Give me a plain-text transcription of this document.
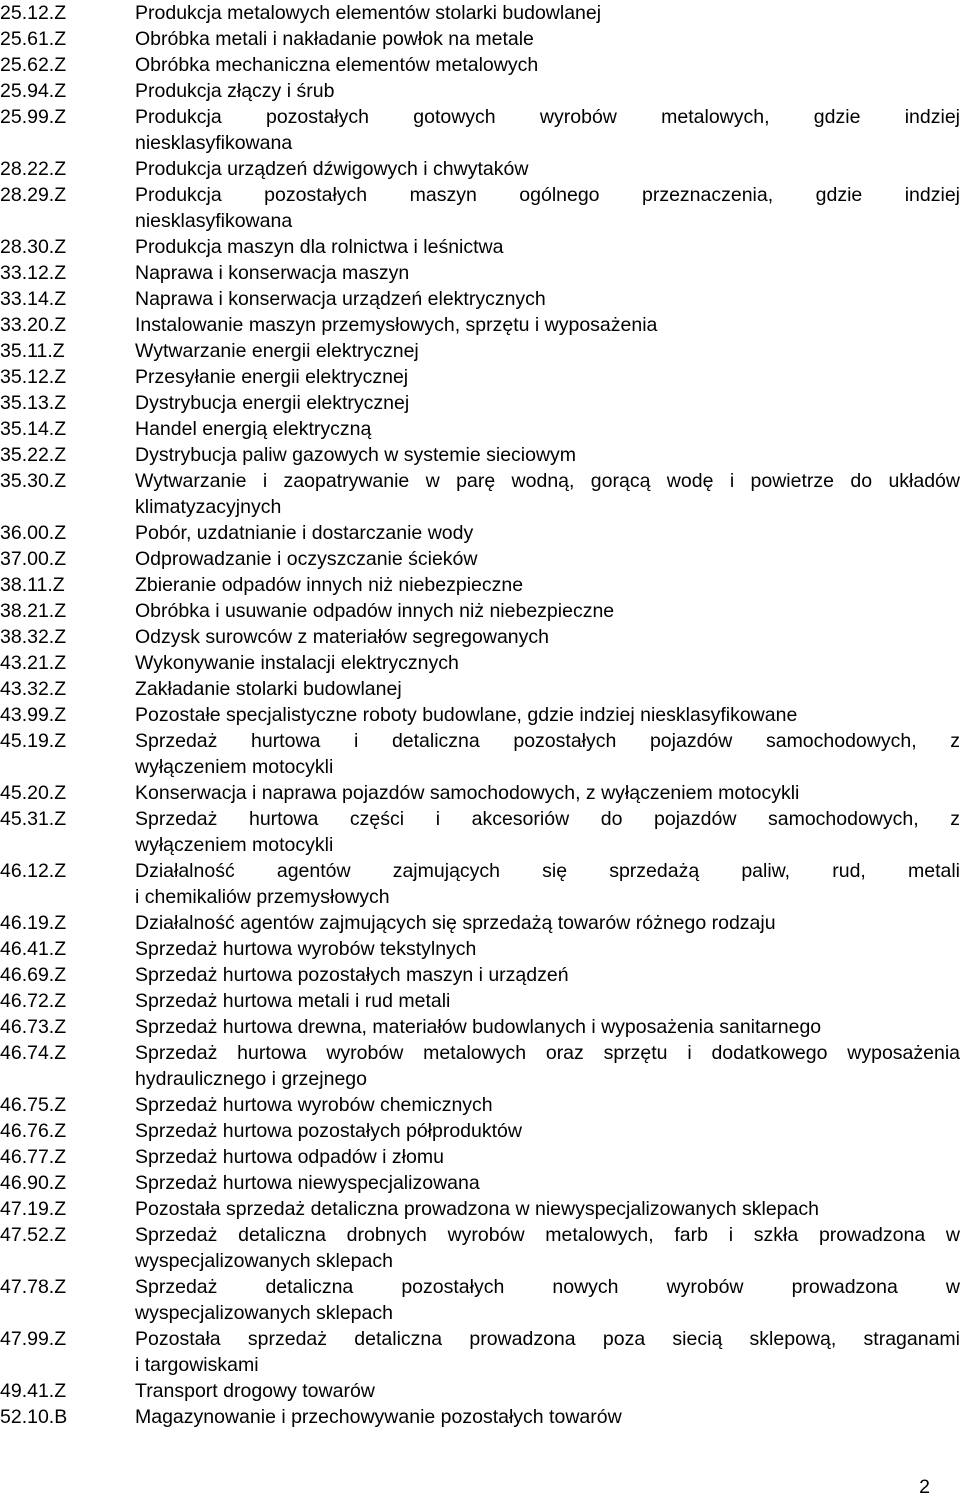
25.12.Z	Produkcja metalowych elementów stolarki budowlanej
25.61.Z	Obróbka metali i nakładanie powłok na metale
25.62.Z	Obróbka mechaniczna elementów metalowych
25.94.Z	Produkcja złączy i śrub
25.99.Z	Produkcja pozostałych gotowych wyrobów metalowych, gdzie indziej
niesklasyfikowana
28.22.Z	Produkcja urządzeń dźwigowych i chwytaków
28.29.Z	Produkcja pozostałych maszyn ogólnego przeznaczenia, gdzie indziej
niesklasyfikowana
28.30.Z	Produkcja maszyn dla rolnictwa i leśnictwa
33.12.Z	Naprawa i konserwacja maszyn
33.14.Z	Naprawa i konserwacja urządzeń elektrycznych
33.20.Z	Instalowanie maszyn przemysłowych, sprzętu i wyposażenia
35.11.Z	Wytwarzanie energii elektrycznej
35.12.Z	Przesyłanie energii elektrycznej
35.13.Z	Dystrybucja energii elektrycznej
35.14.Z	Handel energią elektryczną
35.22.Z	Dystrybucja paliw gazowych w systemie sieciowym
35.30.Z	Wytwarzanie i zaopatrywanie w parę wodną, gorącą wodę i powietrze do układów
klimatyzacyjnych
36.00.Z	Pobór, uzdatnianie i dostarczanie wody
37.00.Z	Odprowadzanie i oczyszczanie ścieków
38.11.Z	Zbieranie odpadów innych niż niebezpieczne
38.21.Z	Obróbka i usuwanie odpadów innych niż niebezpieczne
38.32.Z	Odzysk surowców z materiałów segregowanych
43.21.Z	Wykonywanie instalacji elektrycznych
43.32.Z	Zakładanie stolarki budowlanej
43.99.Z	Pozostałe specjalistyczne roboty budowlane, gdzie indziej niesklasyfikowane
45.19.Z	Sprzedaż hurtowa i detaliczna pozostałych pojazdów samochodowych, z
wyłączeniem motocykli
45.20.Z	Konserwacja i naprawa pojazdów samochodowych, z wyłączeniem motocykli
45.31.Z	Sprzedaż hurtowa części i akcesoriów do pojazdów samochodowych, z
wyłączeniem motocykli
46.12.Z	Działalność agentów zajmujących się sprzedażą paliw, rud, metali
i chemikaliów przemysłowych
46.19.Z	Działalność agentów zajmujących się sprzedażą towarów różnego rodzaju
46.41.Z	Sprzedaż hurtowa wyrobów tekstylnych
46.69.Z	Sprzedaż hurtowa pozostałych maszyn i urządzeń
46.72.Z	Sprzedaż hurtowa metali i rud metali
46.73.Z	Sprzedaż hurtowa drewna, materiałów budowlanych i wyposażenia sanitarnego
46.74.Z	Sprzedaż hurtowa wyrobów metalowych oraz sprzętu i dodatkowego wyposażenia
hydraulicznego i grzejnego
46.75.Z	Sprzedaż hurtowa wyrobów chemicznych
46.76.Z	Sprzedaż hurtowa pozostałych półproduktów
46.77.Z	Sprzedaż hurtowa odpadów i złomu
46.90.Z	Sprzedaż hurtowa niewyspecjalizowana
47.19.Z	Pozostała sprzedaż detaliczna prowadzona w niewyspecjalizowanych sklepach
47.52.Z	Sprzedaż detaliczna drobnych wyrobów metalowych, farb i szkła prowadzona w
wyspecjalizowanych sklepach
47.78.Z	Sprzedaż detaliczna pozostałych nowych wyrobów prowadzona w
wyspecjalizowanych sklepach
47.99.Z	Pozostała sprzedaż detaliczna prowadzona poza siecią sklepową, straganami
i targowiskami
49.41.Z	Transport drogowy towarów
52.10.B	Magazynowanie i przechowywanie pozostałych towarów
2
